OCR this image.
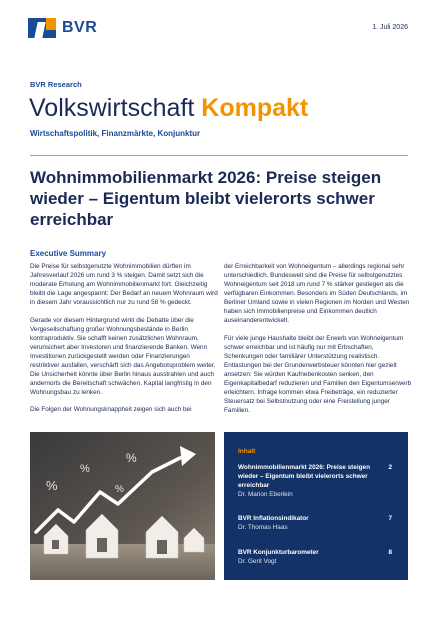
BVR	1. Juli 2026
BVR Research
Volkswirtschaft Kompakt
Wirtschaftspolitik, Finanzmärkte, Konjunktur
Wohnimmobilienmarkt 2026: Preise steigen wieder – Eigentum bleibt vielerorts schwer erreichbar
Executive Summary

Die Preise für selbstgenutzte Wohnimmobilien dürften im Jahresverlauf 2026 um rund 3 % steigen. Damit setzt sich die moderate Erholung am Wohnimmobilienmarkt fort. Gleichzeitig bleibt die Lage angespannt: Der Bedarf an neuem Wohnraum wird in diesem Jahr voraussichtlich nur zu rund 58 % gedeckt.

Gerade vor diesem Hintergrund wirkt die Debatte über die Vergesellschaftung großer Wohnungsbestände in Berlin kontraproduktiv. Sie schafft keinen zusätzlichen Wohnraum, verunsichert aber Investoren und finanzierende Banken. Wenn Investitionen zurückgestellt werden oder Finanzierungen restriktiver ausfallen, verschärft sich das Angebotsproblem weiter. Die Unsicherheit könnte über Berlin hinaus ausstrahlen und auch andernorts die Bereitschaft schwächen, Kapital langfristig in den Wohnungsbau zu lenken.

Die Folgen der Wohnungsknappheit zeigen sich auch bei

der Erreichbarkeit von Wohneigentum – allerdings regional sehr unterschiedlich. Bundesweit sind die Preise für selbstgenutztes Wohneigentum seit 2018 um rund 7 % stärker gestiegen als die verfügbaren Einkommen. Besonders im Süden Deutschlands, im Berliner Umland sowie in vielen Regionen im Norden und Westen haben sich Immobilienpreise und Einkommen deutlich auseinanderentwickelt.

Für viele junge Haushalte bleibt der Erwerb von Wohneigentum schwer erreichbar und ist häufig nur mit Erbschaften, Schenkungen oder familiärer Unterstützung realistisch. Entlastungen bei der Grunderwerbsteuer könnten hier gezielt ansetzen: Sie würden Kaufnebenkosten senken, den Eigenkapitalbedarf reduzieren und Familien den Eigentumserwerb erleichtern. Infrage kommen etwa Freibeträge, ein reduzierter Steuersatz bei Selbstnutzung oder eine Freistellung junger Familien.

%
%
%
%	Inhalt
Wohnimmobilienmarkt 2026: Preise steigen wieder – Eigentum bleibt vielerorts schwer erreichbar
Dr. Marion Eberlein
2
BVR Inflationsindikator
Dr. Thomas Haas
7
BVR Konjunkturbarometer
Dr. Gerit Vogt
8
